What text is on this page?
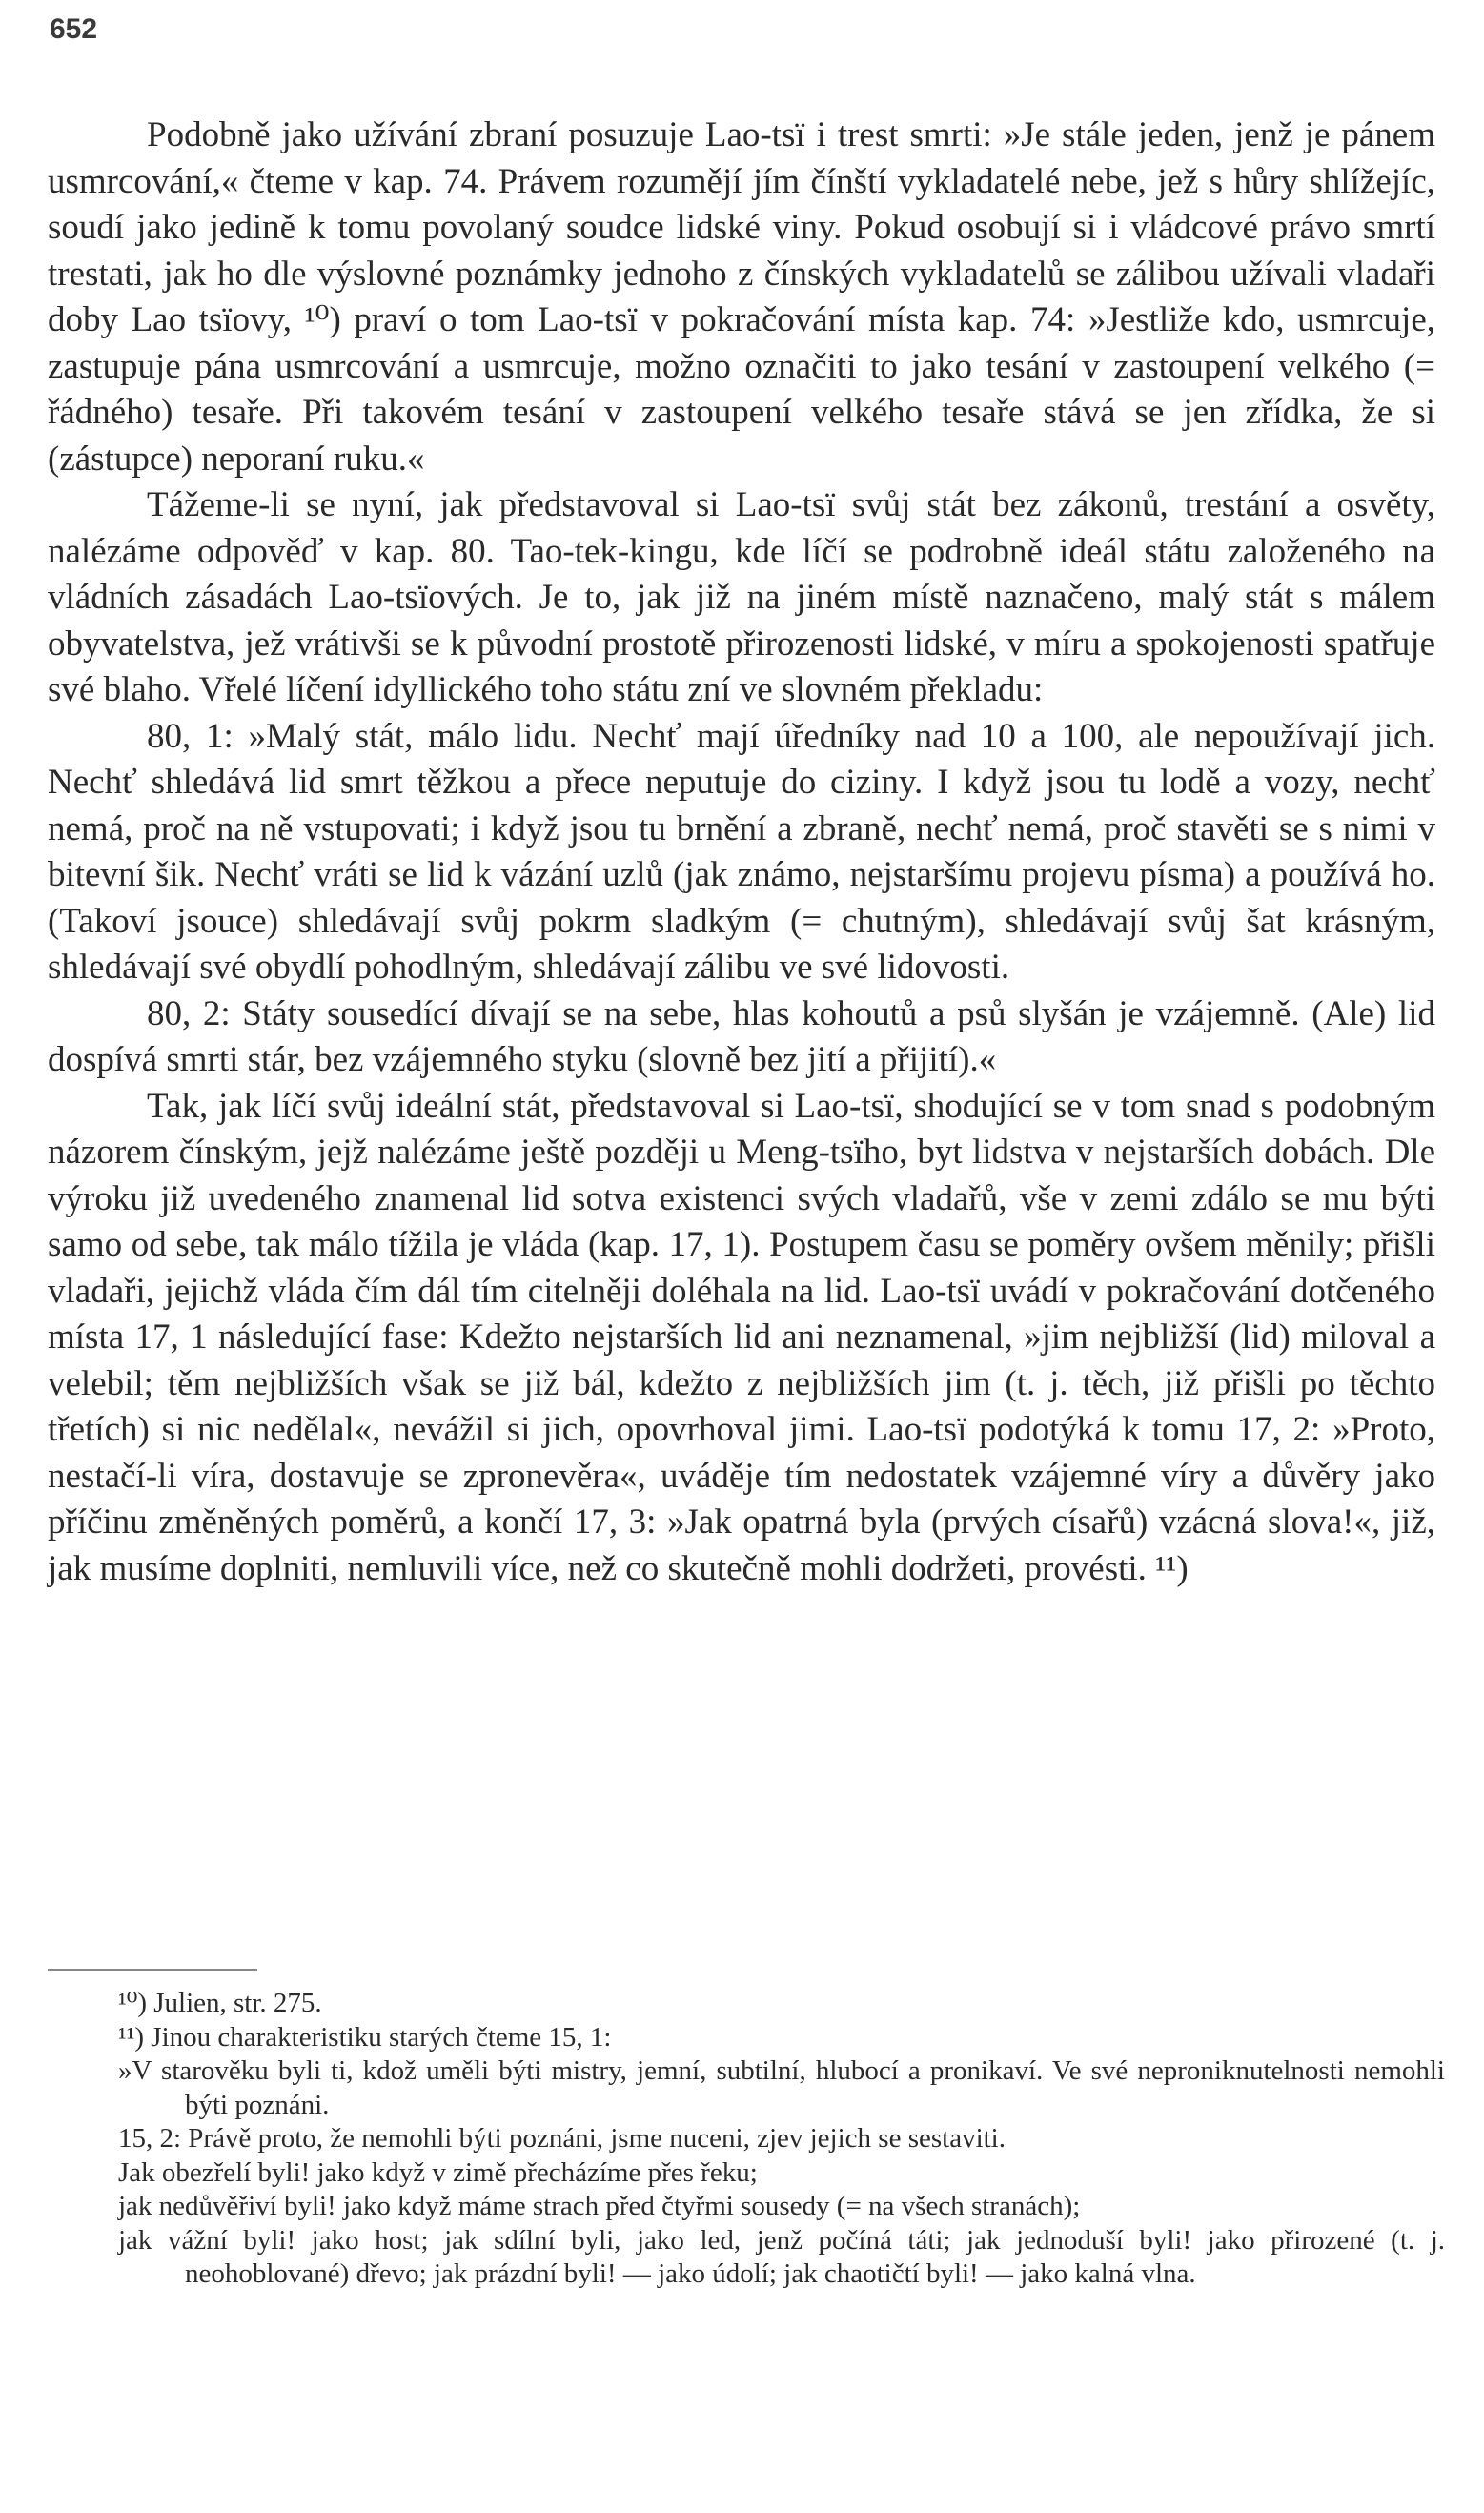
652

Podobně jako užívání zbraní posuzuje Lao-tsï i trest smrti: »Je stále jeden, jenž je pánem usmrcování,« čteme v kap. 74. Právem rozumějí jím čínští vykladatelé nebe, jež s hůry shlížejíc, soudí jako jedině k tomu povolaný soudce lidské viny. Pokud osobují si i vládcové právo smrtí trestati, jak ho dle výslovné poznámky jednoho z čínských vykladatelů se zálibou užívali vladaři doby Lao tsïovy, ¹⁰) praví o tom Lao-tsï v pokračování místa kap. 74: »Jestliže kdo, usmrcuje, zastupuje pána usmrcování a usmrcuje, možno označiti to jako tesání v zastoupení velkého (= řádného) tesaře. Při takovém tesání v zastoupení velkého tesaře stává se jen zřídka, že si (zástupce) neporaní ruku.«

Tážeme-li se nyní, jak představoval si Lao-tsï svůj stát bez zákonů, trestání a osvěty, nalézáme odpověď v kap. 80. Tao-tek-kingu, kde líčí se podrobně ideál státu založeného na vládních zásadách Lao-tsïových. Je to, jak již na jiném místě naznačeno, malý stát s málem obyvatelstva, jež vrátivši se k původní prostotě přirozenosti lidské, v míru a spokojenosti spatřuje své blaho. Vřelé líčení idyllického toho státu zní ve slovném překladu:

80, 1: »Malý stát, málo lidu. Nechť mají úředníky nad 10 a 100, ale nepoužívají jich. Nechť shledává lid smrt těžkou a přece neputuje do ciziny. I když jsou tu lodě a vozy, nechť nemá, proč na ně vstupovati; i když jsou tu brnění a zbraně, nechť nemá, proč stavěti se s nimi v bitevní šik. Nechť vráti se lid k vázání uzlů (jak známo, nejstaršímu projevu písma) a používá ho. (Takoví jsouce) shledávají svůj pokrm sladkým (= chutným), shledávají svůj šat krásným, shledávají své obydlí pohodlným, shledávají zálibu ve své lidovosti.

80, 2: Státy sousedící dívají se na sebe, hlas kohoutů a psů slyšán je vzájemně. (Ale) lid dospívá smrti stár, bez vzájemného styku (slovně bez jití a přijití).«

Tak, jak líčí svůj ideální stát, představoval si Lao-tsï, shodující se v tom snad s podobným názorem čínským, jejž nalézáme ještě později u Meng-tsïho, byt lidstva v nejstarších dobách. Dle výroku již uvedeného znamenal lid sotva existenci svých vladařů, vše v zemi zdálo se mu býti samo od sebe, tak málo tížila je vláda (kap. 17, 1). Postupem času se poměry ovšem měnily; přišli vladaři, jejichž vláda čím dál tím citelněji doléhala na lid. Lao-tsï uvádí v pokračování dotčeného místa 17, 1 následující fase: Kdežto nejstarších lid ani neznamenal, »jim nejbližší (lid) miloval a velebil; těm nejbližších však se již bál, kdežto z nejbližších jim (t. j. těch, již přišli po těchto třetích) si nic nedělal«, nevážil si jich, opovrhoval jimi. Lao-tsï podotýká k tomu 17, 2: »Proto, nestačí-li víra, dostavuje se zpronevěra«, uváděje tím nedostatek vzájemné víry a důvěry jako příčinu změněných poměrů, a končí 17, 3: »Jak opatrná byla (prvých císařů) vzácná slova!«, již, jak musíme doplniti, nemluvili více, než co skutečně mohli dodržeti, provésti. ¹¹)

¹⁰) Julien, str. 275.

¹¹) Jinou charakteristiku starých čteme 15, 1:

»V starověku byli ti, kdož uměli býti mistry, jemní, subtilní, hlubocí a pronikaví. Ve své neproniknutelnosti nemohli býti poznáni.

15, 2: Právě proto, že nemohli býti poznáni, jsme nuceni, zjev jejich se sestaviti.

Jak obezřelí byli! jako když v zimě přecházíme přes řeku;

jak nedůvěřiví byli! jako když máme strach před čtyřmi sousedy (= na všech stranách);

jak vážní byli! jako host; jak sdílní byli, jako led, jenž počíná táti; jak jednoduší byli! jako přirozené (t. j. neohoblované) dřevo; jak prázdní byli! — jako údolí; jak chaotičtí byli! — jako kalná vlna.
